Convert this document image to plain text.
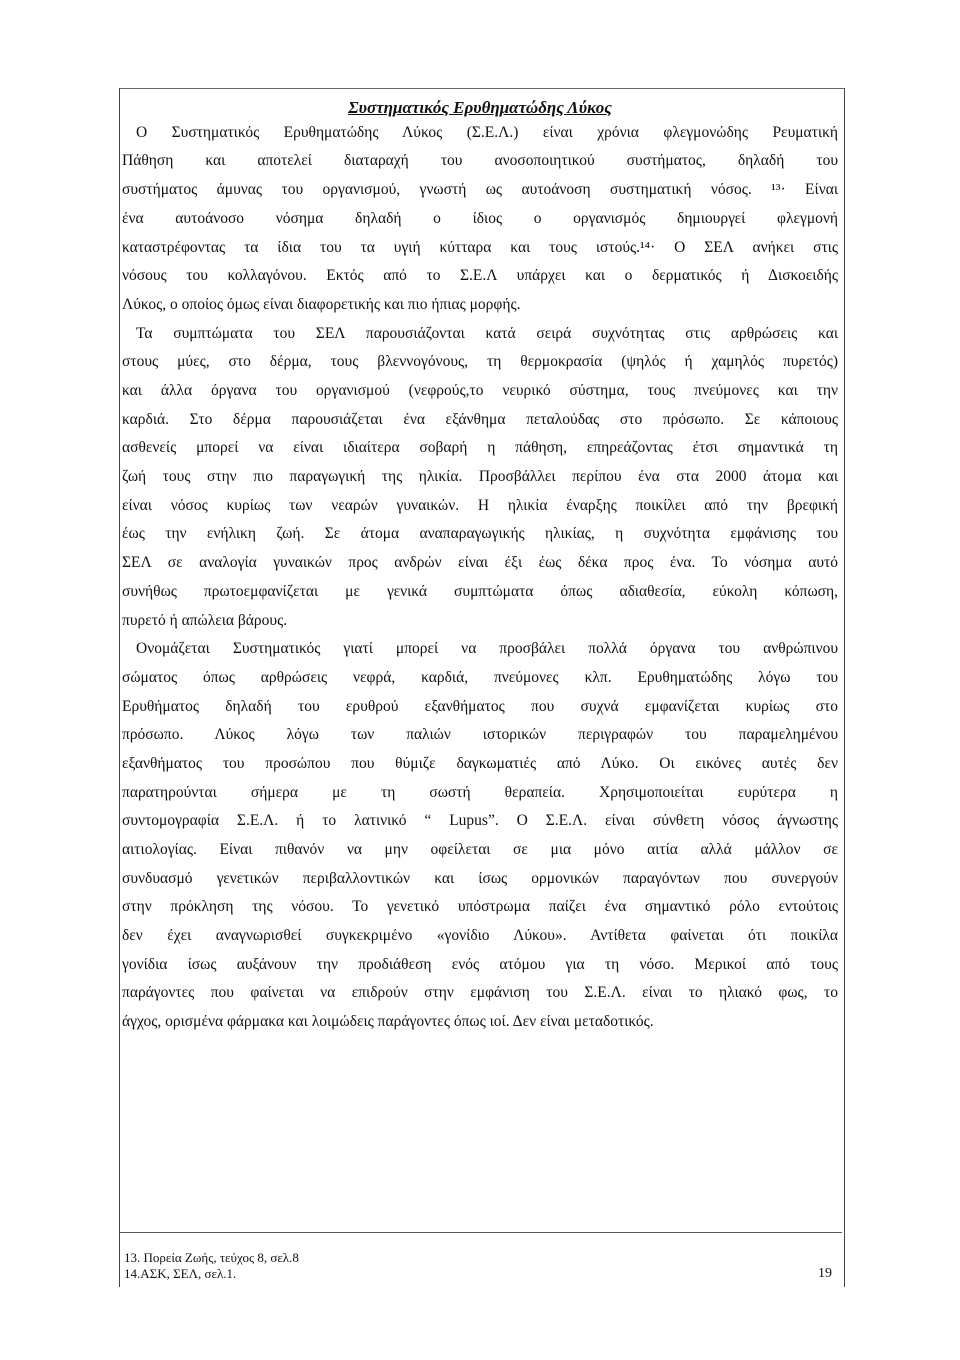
Συστηματικός Ερυθηματώδης Λύκος
Ο Συστηματικός Ερυθηματώδης Λύκος (Σ.Ε.Λ.) είναι χρόνια φλεγμονώδης Ρευματική
Πάθηση και αποτελεί διαταραχή του ανοσοποιητικού συστήματος, δηλαδή του
συστήματος άμυνας του οργανισμού, γνωστή ως αυτοάνοση συστηματική νόσος. ¹³· Είναι
ένα αυτοάνοσο νόσημα δηλαδή ο ίδιος ο οργανισμός δημιουργεί φλεγμονή
καταστρέφοντας τα ίδια του τα υγιή κύτταρα και τους ιστούς.¹⁴· Ο ΣΕΛ ανήκει στις
νόσους του κολλαγόνου. Εκτός από το Σ.Ε.Λ υπάρχει και ο δερματικός ή Δισκοειδής
Λύκος, ο οποίος όμως είναι διαφορετικής και πιο ήπιας μορφής.
Τα συμπτώματα του ΣΕΛ παρουσιάζονται κατά σειρά συχνότητας στις αρθρώσεις και
στους μύες, στο δέρμα, τους βλεννογόνους, τη θερμοκρασία (ψηλός ή χαμηλός πυρετός)
και άλλα όργανα του οργανισμού (νεφρούς,το νευρικό σύστημα, τους πνεύμονες και την
καρδιά. Στο δέρμα παρουσιάζεται ένα εξάνθημα πεταλούδας στο πρόσωπο. Σε κάποιους
ασθενείς μπορεί να είναι ιδιαίτερα σοβαρή η πάθηση, επηρεάζοντας έτσι σημαντικά τη
ζωή τους στην πιο παραγωγική της ηλικία. Προσβάλλει περίπου ένα στα 2000 άτομα και
είναι νόσος κυρίως των νεαρών γυναικών. Η ηλικία έναρξης ποικίλει από την βρεφική
έως την ενήλικη ζωή. Σε άτομα αναπαραγωγικής ηλικίας, η συχνότητα εμφάνισης του
ΣΕΛ σε αναλογία γυναικών προς ανδρών είναι έξι έως δέκα προς ένα. Το νόσημα αυτό
συνήθως πρωτοεμφανίζεται με γενικά συμπτώματα όπως αδιαθεσία, εύκολη κόπωση,
πυρετό ή απώλεια βάρους.
Ονομάζεται Συστηματικός γιατί μπορεί να προσβάλει πολλά όργανα του ανθρώπινου
σώματος όπως αρθρώσεις νεφρά, καρδιά, πνεύμονες κλπ. Ερυθηματώδης λόγω του
Ερυθήματος δηλαδή του ερυθρού εξανθήματος που συχνά εμφανίζεται κυρίως στο
πρόσωπο. Λύκος λόγω των παλιών ιστορικών περιγραφών του παραμελημένου
εξανθήματος του προσώπου που θύμιζε δαγκωματιές από Λύκο. Οι εικόνες αυτές δεν
παρατηρούνται σήμερα με τη σωστή θεραπεία. Χρησιμοποιείται ευρύτερα η
συντομογραφία Σ.Ε.Λ. ή το λατινικό “ Lupus”. Ο Σ.Ε.Λ. είναι σύνθετη νόσος άγνωστης
αιτιολογίας. Είναι πιθανόν να μην οφείλεται σε μια μόνο αιτία αλλά μάλλον σε
συνδυασμό γενετικών περιβαλλοντικών και ίσως ορμονικών παραγόντων που συνεργούν
στην πρόκληση της νόσου. Το γενετικό υπόστρωμα παίζει ένα σημαντικό ρόλο εντούτοις
δεν έχει αναγνωρισθεί συγκεκριμένο «γονίδιο Λύκου». Αντίθετα φαίνεται ότι ποικίλα
γονίδια ίσως αυξάνουν την προδιάθεση ενός ατόμου για τη νόσο. Μερικοί από τους
παράγοντες που φαίνεται να επιδρούν στην εμφάνιση του Σ.Ε.Λ. είναι το ηλιακό φως, το
άγχος, ορισμένα φάρμακα και λοιμώδεις παράγοντες όπως ιοί. Δεν είναι μεταδοτικός.
13. Πορεία Ζωής, τεύχος 8, σελ.8
14.ΑΣΚ, ΣΕΛ, σελ.1.	19
